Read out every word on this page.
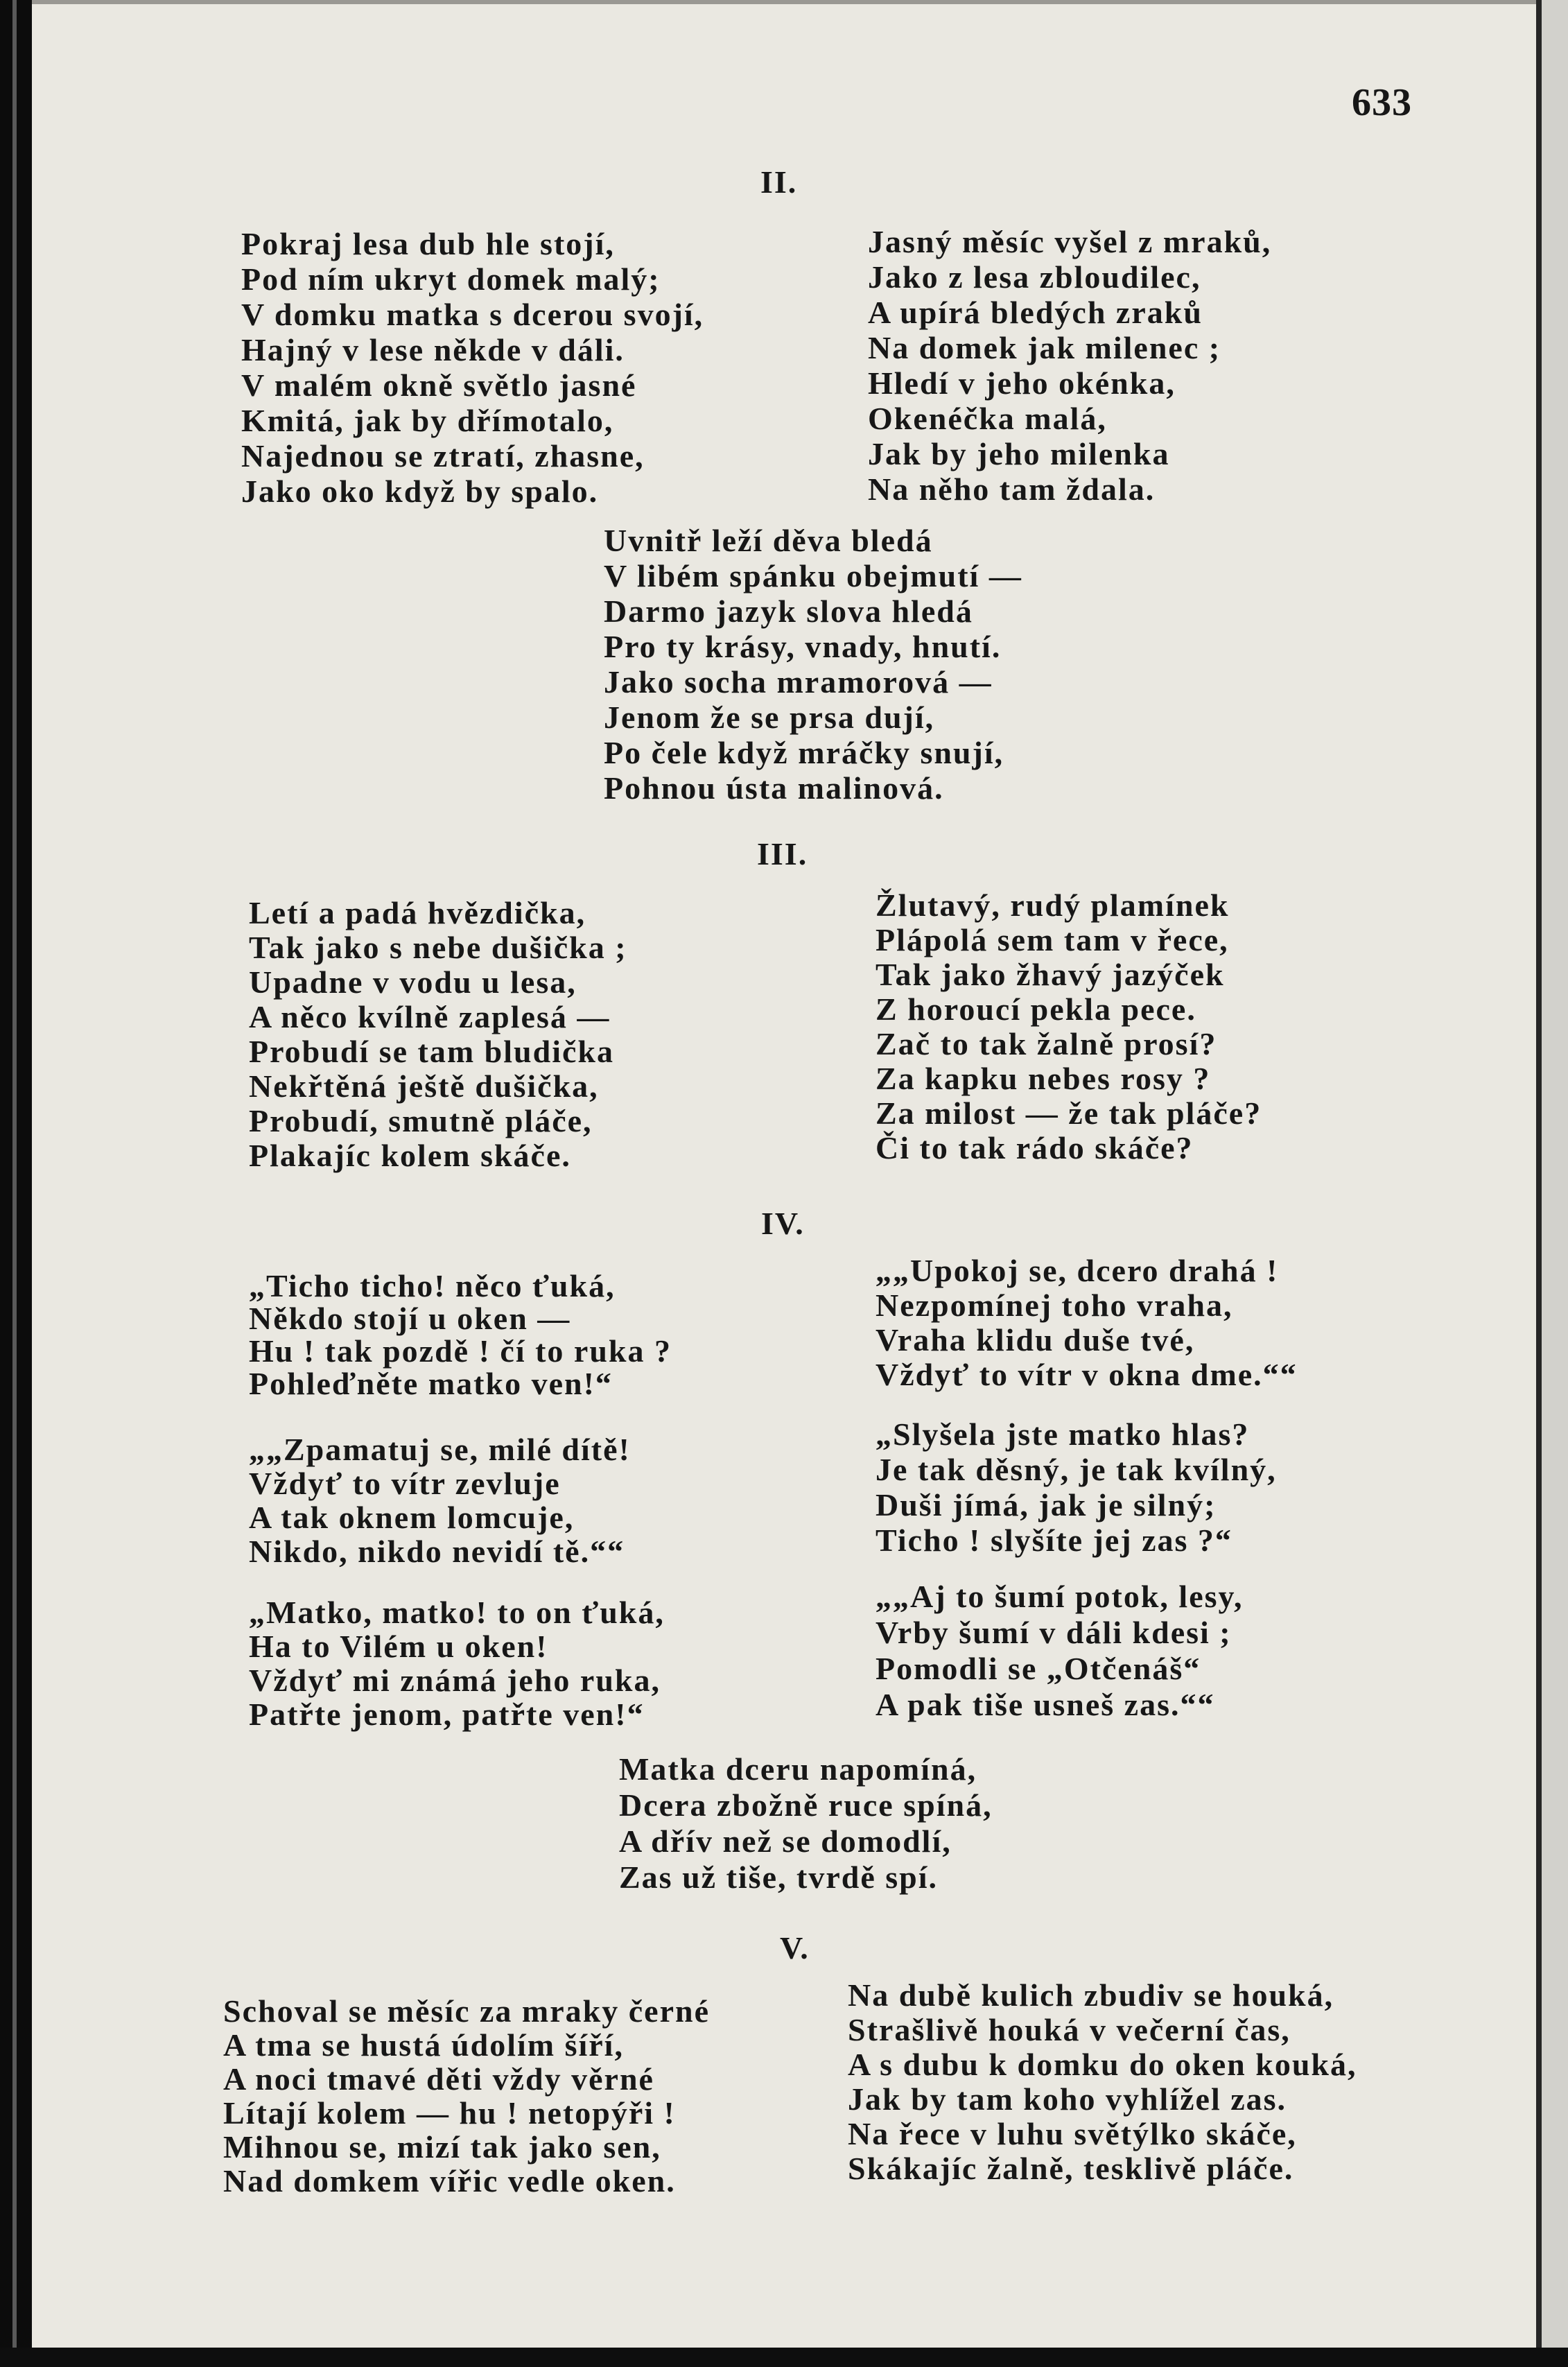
633
II.
Pokraj lesa dub hle stojí,
Pod ním ukryt domek malý;
V domku matka s dcerou svojí,
Hajný v lese někde v dáli.
V malém okně světlo jasné
Kmitá, jak by dřímotalo,
Najednou se ztratí, zhasne,
Jako oko když by spalo.
Jasný měsíc vyšel z mraků,
Jako z lesa zbloudilec,
A upírá bledých zraků
Na domek jak milenec ;
Hledí v jeho okénka,
Okenéčka malá,
Jak by jeho milenka
Na něho tam ždala.
Uvnitř leží děva bledá
V libém spánku obejmutí —
Darmo jazyk slova hledá
Pro ty krásy, vnady, hnutí.
Jako socha mramorová —
Jenom že se prsa dují,
Po čele když mráčky snují,
Pohnou ústa malinová.
III.
Letí a padá hvězdička,
Tak jako s nebe dušička ;
Upadne v vodu u lesa,
A něco kvílně zaplesá —
Probudí se tam bludička
Nekřtěná ještě dušička,
Probudí, smutně pláče,
Plakajíc kolem skáče.
Žlutavý, rudý plamínek
Plápolá sem tam v řece,
Tak jako žhavý jazýček
Z horoucí pekla pece.
Zač to tak žalně prosí?
Za kapku nebes rosy ?
Za milost — že tak pláče?
Či to tak rádo skáče?
IV.
„Ticho ticho! něco ťuká,
Někdo stojí u oken —
Hu ! tak pozdě ! čí to ruka ?
Pohleďněte matko ven!“
„„Zpamatuj se, milé dítě!
Vždyť to vítr zevluje
A tak oknem lomcuje,
Nikdo, nikdo nevidí tě.““
„Matko, matko! to on ťuká,
Ha to Vilém u oken!
Vždyť mi známá jeho ruka,
Patřte jenom, patřte ven!“
„„Upokoj se, dcero drahá !
Nezpomínej toho vraha,
Vraha klidu duše tvé,
Vždyť to vítr v okna dme.““
„Slyšela jste matko hlas?
Je tak děsný, je tak kvílný,
Duši jímá, jak je silný;
Ticho ! slyšíte jej zas ?“
„„Aj to šumí potok, lesy,
Vrby šumí v dáli kdesi ;
Pomodli se „Otčenáš“
A pak tiše usneš zas.““
Matka dceru napomíná,
Dcera zbožně ruce spíná,
A dřív než se domodlí,
Zas už tiše, tvrdě spí.
V.
Schoval se měsíc za mraky černé
A tma se hustá údolím šíří,
A noci tmavé děti vždy věrné
Lítají kolem — hu ! netopýři !
Mihnou se, mizí tak jako sen,
Nad domkem vířic vedle oken.
Na dubě kulich zbudiv se houká,
Strašlivě houká v večerní čas,
A s dubu k domku do oken kouká,
Jak by tam koho vyhlížel zas.
Na řece v luhu světýlko skáče,
Skákajíc žalně, tesklivě pláče.
